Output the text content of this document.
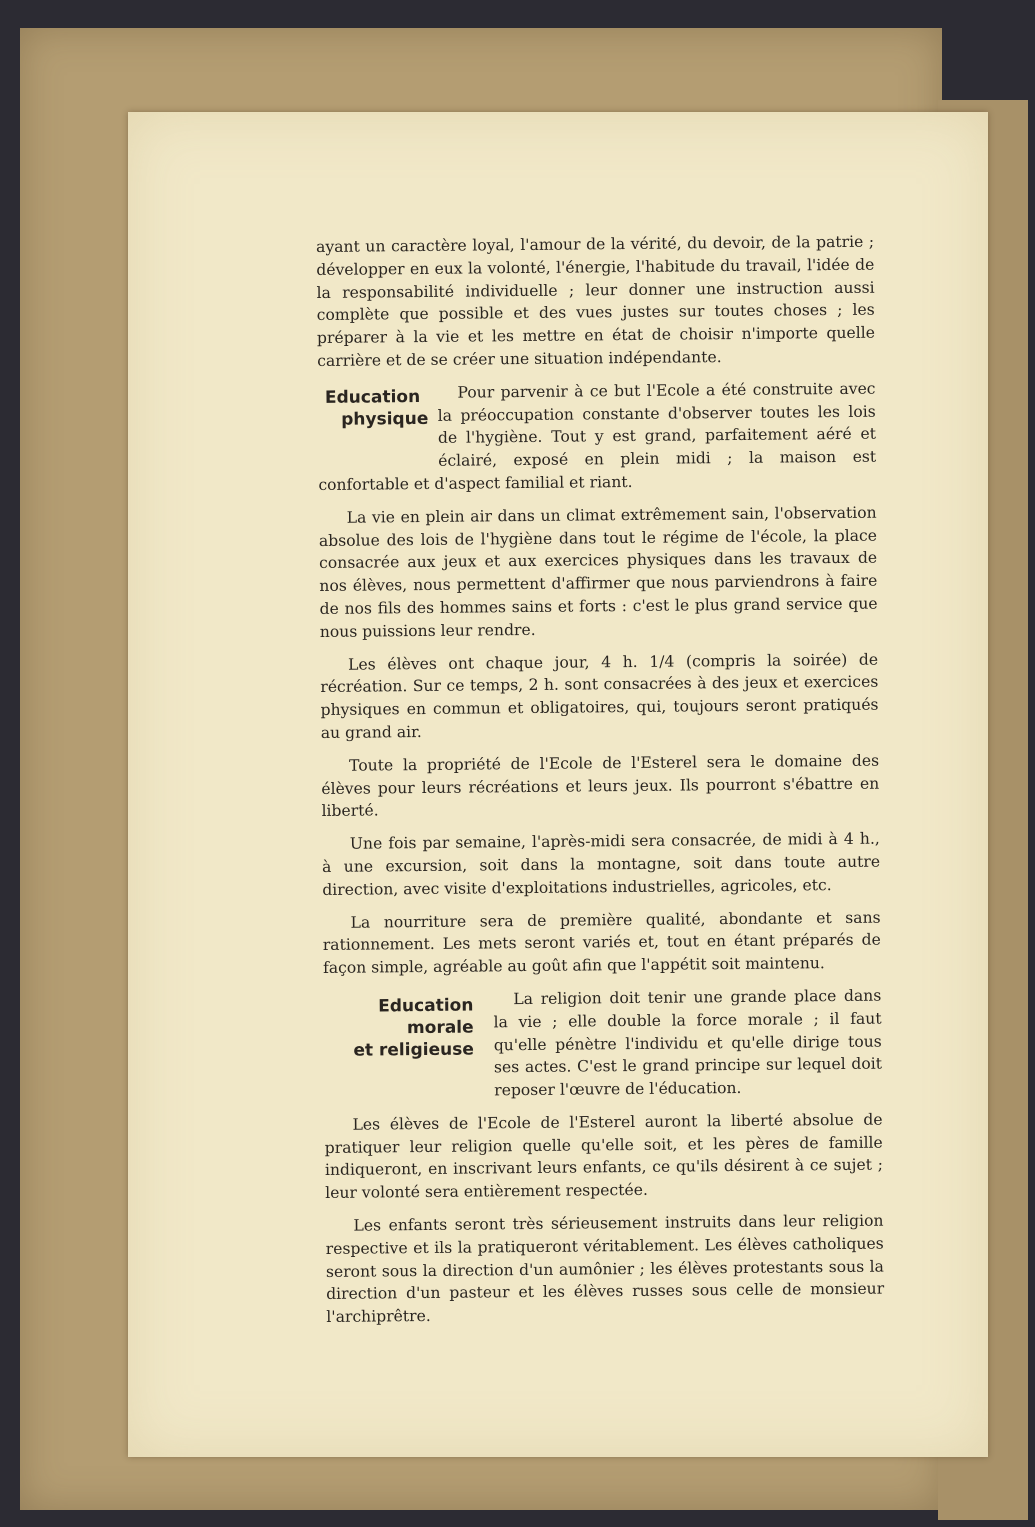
ayant un caractère loyal, l'amour de la vérité, du devoir, de la patrie ; développer en eux la volonté, l'énergie, l'habitude du travail, l'idée de la responsabilité individuelle ; leur donner une instruction aussi complète que possible et des vues justes sur toutes choses ; les préparer à la vie et les mettre en état de choisir n'importe quelle carrière et de se créer une situation indépendante.

Education
physique

Pour parvenir à ce but l'Ecole a été construite avec la préoccupation constante d'observer toutes les lois de l'hygiène. Tout y est grand, parfaitement aéré et éclairé, exposé en plein midi ; la maison est confortable et d'aspect familial et riant.

La vie en plein air dans un climat extrêmement sain, l'observation absolue des lois de l'hygiène dans tout le régime de l'école, la place consacrée aux jeux et aux exercices physiques dans les travaux de nos élèves, nous permettent d'affirmer que nous parviendrons à faire de nos fils des hommes sains et forts : c'est le plus grand service que nous puissions leur rendre.

Les élèves ont chaque jour, 4 h. 1/4 (compris la soirée) de récréation. Sur ce temps, 2 h. sont consacrées à des jeux et exercices physiques en commun et obligatoires, qui, toujours seront pratiqués au grand air.

Toute la propriété de l'Ecole de l'Esterel sera le domaine des élèves pour leurs récréations et leurs jeux. Ils pourront s'ébattre en liberté.

Une fois par semaine, l'après-midi sera consacrée, de midi à 4 h., à une excursion, soit dans la montagne, soit dans toute autre direction, avec visite d'exploitations industrielles, agricoles, etc.

La nourriture sera de première qualité, abondante et sans rationnement. Les mets seront variés et, tout en étant préparés de façon simple, agréable au goût afin que l'appétit soit maintenu.

Education
morale
et religieuse

La religion doit tenir une grande place dans la vie ; elle double la force morale ; il faut qu'elle pénètre l'individu et qu'elle dirige tous ses actes. C'est le grand principe sur lequel doit reposer l'œuvre de l'éducation.

Les élèves de l'Ecole de l'Esterel auront la liberté absolue de pratiquer leur religion quelle qu'elle soit, et les pères de famille indiqueront, en inscrivant leurs enfants, ce qu'ils désirent à ce sujet ; leur volonté sera entièrement respectée.

Les enfants seront très sérieusement instruits dans leur religion respective et ils la pratiqueront véritablement. Les élèves catholiques seront sous la direction d'un aumônier ; les élèves protestants sous la direction d'un pasteur et les élèves russes sous celle de monsieur l'archiprêtre.
